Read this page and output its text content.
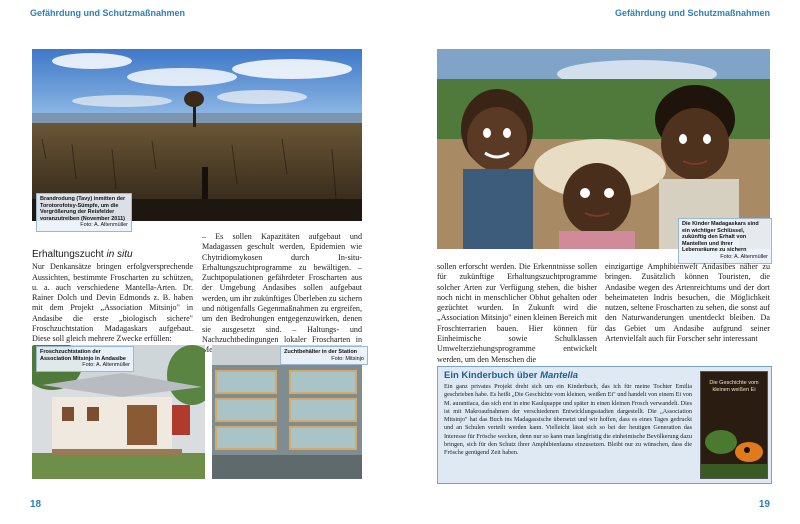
Gefährdung und Schutzmaßnahmen	Gefährdung und Schutzmaßnahmen
Brandrodung (Tavy) inmitten der Torotorofotsy-Sümpfe, um die Vergrößerung der Reisfelder voranzutreiben (November 2011)
Foto: A. Altenmüller
Erhaltungszucht in situ

Nur Denkansätze bringen erfolgversprechende Aussichten, bestimmte Froscharten zu schützen, u. a. auch verschiedene Mantella-Arten. Dr. Rainer Dolch und Devin Edmonds z. B. haben mit dem Projekt „Association Mitsinjo" in Andasibe die erste „biologisch sichere" Froschzuchtstation Madagaskars aufgebaut. Diese soll gleich mehrere Zwecke erfüllen:

– Es sollen Kapazitäten aufgebaut und Madagassen geschult werden, Epidemien wie Chytridiomykosen durch In-situ-Erhaltungszuchtprogramme zu bewältigen. – Zuchtpopulationen gefährdeter Froscharten aus der Umgebung Andasibes sollen aufgebaut werden, um ihr zukünftiges Überleben zu sichern und nötigenfalls Gegenmaßnahmen zu ergreifen, um den Bedrohungen entgegenzuwirken, denen sie ausgesetzt sind. – Haltungs- und Nachzuchtbedingungen lokaler Froscharten in

Froschzuchtstation der Association Mitsinjo in Andasibe
Foto: A. Altenmüller
Zuchtbehälter in der Station
Foto: Mitsinjo
Die Kinder Madagaskars sind ein wichtiger Schlüssel, zukünftig den Erhalt von Mantellen und ihrer Lebensräume zu sichern
Foto: A. Altenmüller

sollen erforscht werden. Die Erkenntnisse sollen für zukünftige Erhaltungszuchtprogramme solcher Arten zur Verfügung stehen, die bisher noch nicht in menschlicher Obhut gehalten oder gezüchtet wurden. In Zukunft wird die „Association Mitsinjo" einen kleinen Bereich mit Froschterrarien bauen. Hier können für Einheimische sowie Schulklassen Umwelterziehungsprogramme entwickelt werden, um den Menschen die

einzigartige Amphibienwelt Andasibes näher zu bringen. Zusätzlich können Touristen, die Andasibe wegen des Artenreichtums und der dort beheimateten Indris besuchen, die Möglichkeit nutzen, seltene Froscharten zu sehen, die sonst auf den Naturwanderungen unentdeckt bleiben. Da das Gebiet um Andasibe aufgrund seiner Artenvielfalt auch für Forscher sehr interessant

Ein Kinderbuch über Mantella
Ein ganz privates Projekt dreht sich um ein Kinderbuch, das ich für meine Tochter Emilia geschrieben habe. Es heißt „Die Geschichte vom kleinen, weißen Ei" und handelt von einem Ei von M. aurantiaca, das sich erst in eine Kaulquappe und später in einen kleinen Frosch verwandelt. Dies ist mit Makroaufnahmen der verschiedenen Entwicklungsstadien dargestellt. Die „Association Mitsinjo" hat das Buch ins Madagassische übersetzt und wir hoffen, dass es eines Tages gedruckt und an Schulen verteilt werden kann. Vielleicht lässt sich so bei der heutigen Generation das Interesse für Frösche wecken, denn nur so kann man langfristig die einheimische Bevölkerung dazu bringen, sich für den Schutz ihrer Amphibienfauna einzusetzen. Bleibt nur zu wünschen, dass die Frösche genügend Zeit haben.
Die Geschichte vom kleinen weißen Ei
18	19
